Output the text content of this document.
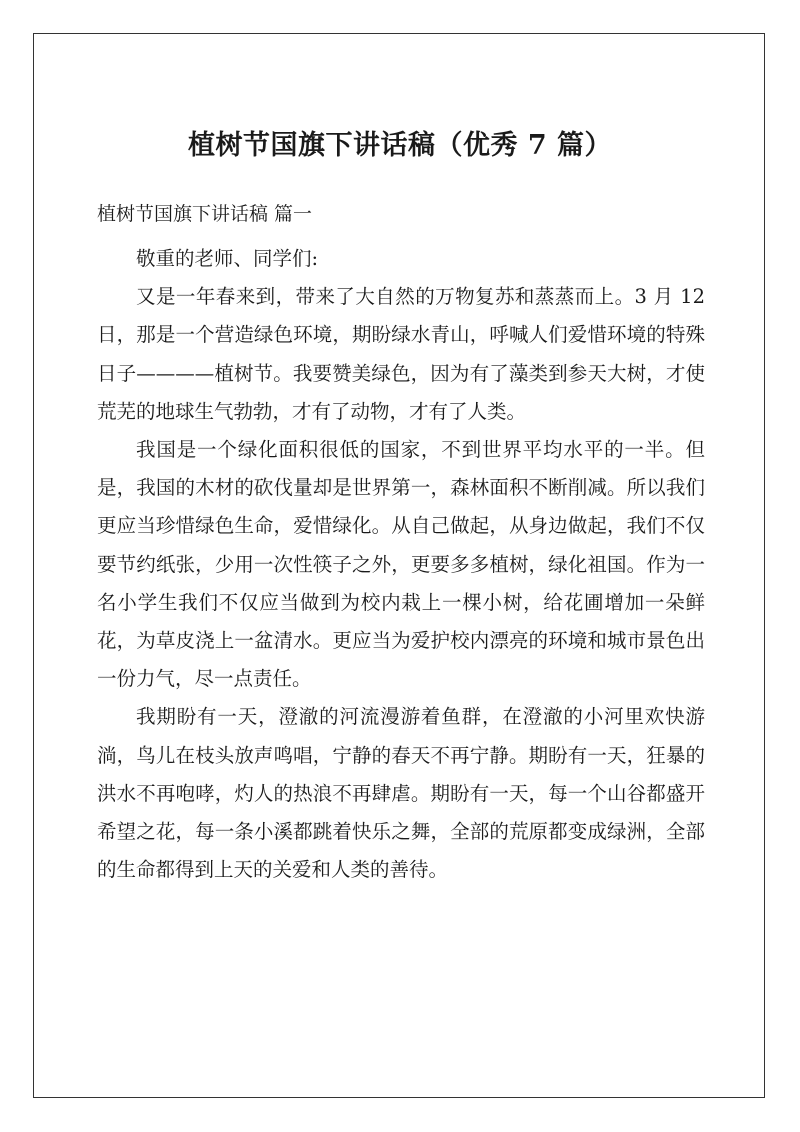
植树节国旗下讲话稿（优秀 7 篇）
植树节国旗下讲话稿 篇一

敬重的老师、同学们:

又是一年春来到，带来了大自然的万物复苏和蒸蒸而上。3 月 12 日，那是一个营造绿色环境，期盼绿水青山，呼喊人们爱惜环境的特殊日子————植树节。我要赞美绿色，因为有了藻类到参天大树，才使荒芜的地球生气勃勃，才有了动物，才有了人类。

我国是一个绿化面积很低的国家，不到世界平均水平的一半。但是，我国的木材的砍伐量却是世界第一，森林面积不断削减。所以我们更应当珍惜绿色生命，爱惜绿化。从自己做起，从身边做起，我们不仅要节约纸张，少用一次性筷子之外，更要多多植树，绿化祖国。作为一名小学生我们不仅应当做到为校内栽上一棵小树，给花圃增加一朵鲜花，为草皮浇上一盆清水。更应当为爱护校内漂亮的环境和城市景色出一份力气，尽一点责任。

我期盼有一天，澄澈的河流漫游着鱼群，在澄澈的小河里欢快游淌，鸟儿在枝头放声鸣唱，宁静的春天不再宁静。期盼有一天，狂暴的洪水不再咆哮，灼人的热浪不再肆虐。期盼有一天，每一个山谷都盛开希望之花，每一条小溪都跳着快乐之舞，全部的荒原都变成绿洲，全部的生命都得到上天的关爱和人类的善待。
